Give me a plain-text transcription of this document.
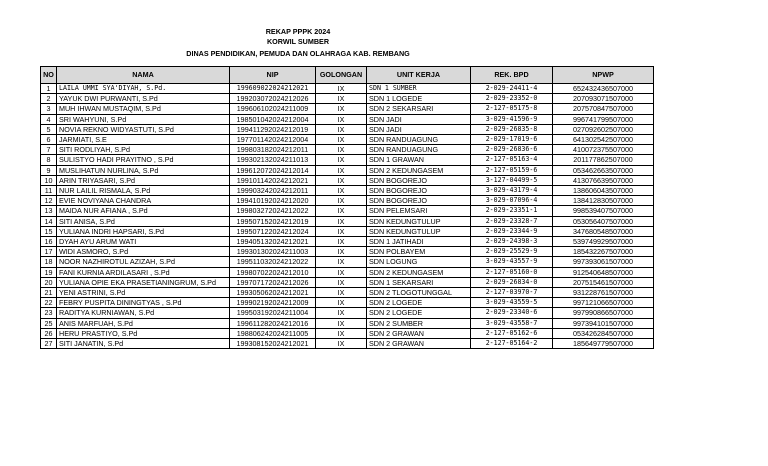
REKAP PPPK 2024
KORWIL SUMBER
DINAS PENDIDIKAN, PEMUDA DAN OLAHRAGA KAB. REMBANG
NO	NAMA	NIP	GOLONGAN	UNIT KERJA	REK. BPD	NPWP
1	LAILA UMMI SYA'DIYAH, S.Pd.	199609022024212021	IX	SDN 1 SUMBER	2-029-24411-4	652432436507000
2	YAYUK DWI PURWANTI, S.Pd	199203072024212026	IX	SDN 1 LOGEDE	2-029-23352-0	207093071507000
3	MUH IHWAN MUSTAQIM, S.Pd	199606102024211009	IX	SDN 2 SEKARSARI	2-127-05175-8	207570847507000
4	SRI WAHYUNI, S.Pd	198501042024212004	IX	SDN JADI	3-029-41596-9	996741799507000
5	NOVIA REKNO WIDYASTUTI, S.Pd	199411292024212019	IX	SDN JADI	2-029-26835-8	027092602507000
6	JARMIATI, S.E	197701142024212004	IX	SDN RANDUAGUNG	2-029-17019-6	641302542507000
7	SITI RODLIYAH, S.Pd	199803182024212011	IX	SDN RANDUAGUNG	2-029-26836-6	410072375507000
8	SULISTYO HADI PRAYITNO , S.Pd	199302132024211013	IX	SDN 1 GRAWAN	2-127-05163-4	201177862507000
9	MUSLIHATUN NURLINA, S.Pd	199612072024212014	IX	SDN 2 KEDUNGASEM	2-127-05159-6	053462663507000
10	ARIN TRIYASARI, S.Pd	199101142024212021	IX	SDN BOGOREJO	3-127-04499-5	413076639507000
11	NUR LAILIL RISMALA, S.Pd	199903242024212011	IX	SDN BOGOREJO	3-029-43179-4	138606043507000
12	EVIE NOVIYANA CHANDRA	199410192024212020	IX	SDN BOGOREJO	3-029-07096-4	138412830507000
13	MAIDA NUR AFIANA , S.Pd	199803272024212022	IX	SDN PELEMSARI	2-029-23351-1	998539407507000
14	SITI ANISA, S.Pd	199507152024212019	IX	SDN KEDUNGTULUP	2-029-23328-7	053056407507000
15	YULIANA INDRI HAPSARI, S.Pd	199507122024212024	IX	SDN KEDUNGTULUP	2-029-23344-9	347680548507000
16	DYAH AYU ARUM WATI	199405132024212021	IX	SDN 1 JATIHADI	2-029-24398-3	539749929507000
17	WIDI ASMORO, S.Pd	199301302024211003	IX	SDN POLBAYEM	2-029-25529-9	185432267507000
18	NOOR NAZHIROTUL AZIZAH, S.Pd	199511032024212022	IX	SDN LOGUNG	3-029-43557-9	997393061507000
19	FANI KURNIA ARDILASARI , S.Pd	199807022024212010	IX	SDN 2 KEDUNGASEM	2-127-05160-0	912540648507000
20	YULIANA OPIE EKA PRASETIANINGRUM, S.Pd	199707172024212026	IX	SDN 1 SEKARSARI	2-029-26834-0	207515461507000
21	YENI ASTRINI, S.Pd	199305062024212021	IX	SDN 2 TLOGOTUNGGAL	2-127-03970-7	931228761507000
22	FEBRY PUSPITA DININGTYAS , S.Pd	199902192024212009	IX	SDN 2 LOGEDE	3-029-43559-5	997121066507000
23	RADITYA KURNIAWAN, S.Pd	199503192024211004	IX	SDN 2 LOGEDE	2-029-23340-6	997990866507000
25	ANIS MARFUAH, S.Pd	199611282024212016	IX	SDN 2 SUMBER	3-029-43558-7	997394101507000
26	HERU PRASTIYO, S.Pd	198806242024211005	IX	SDN 2 GRAWAN	2-127-05162-6	053426284507000
27	SITI JANATIN, S.Pd	199308152024212021	IX	SDN 2 GRAWAN	2-127-05164-2	185649779507000
